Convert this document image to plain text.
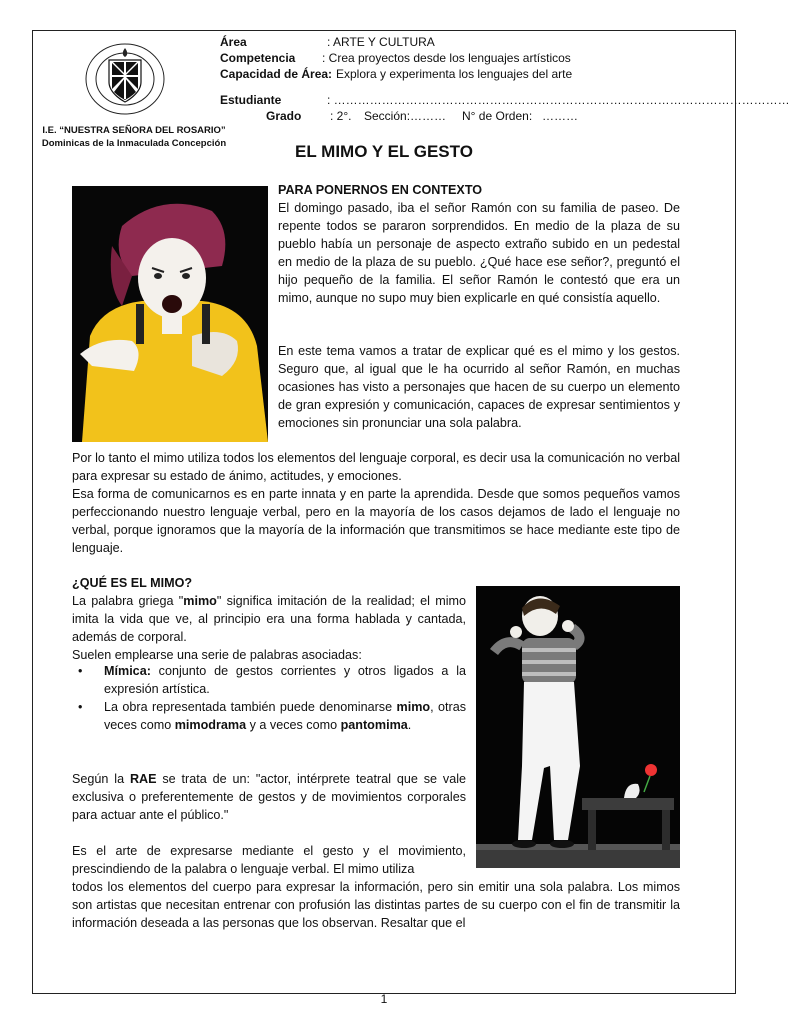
I.E. “NUESTRA SEÑORA DEL ROSARIO”
Dominicas de la Inmaculada Concepción
Área	: ARTE Y CULTURA
Competencia : Crea proyectos desde los lenguajes artísticos
Capacidad de Área: Explora y experimenta los lenguajes del arte
Estudiante	: ……………………………………………………………………………………………………
Grado : 2°. Sección: ……… N° de Orden: ………
EL MIMO Y EL GESTO
PARA PONERNOS EN CONTEXTO
El domingo pasado, iba el señor Ramón con su familia de paseo. De repente todos se pararon sorprendidos. En medio de la plaza de su pueblo había un personaje de aspecto extraño subido en un pedestal en medio de la plaza de su pueblo. ¿Qué hace ese señor?, preguntó el hijo pequeño de la familia. El señor Ramón le contestó que era un mimo, aunque no supo muy bien explicarle en qué consistía aquello.
En este tema vamos a tratar de explicar qué es el mimo y los gestos. Seguro que, al igual que le ha ocurrido al señor Ramón, en muchas ocasiones has visto a personajes que hacen de su cuerpo un elemento de gran expresión y comunicación, capaces de expresar sentimientos y emociones sin pronunciar una sola palabra.
Por lo tanto el mimo utiliza todos los elementos del lenguaje corporal, es decir usa la comunicación no verbal para expresar su estado de ánimo, actitudes, y emociones.
Esa forma de comunicarnos es en parte innata y en parte la aprendida. Desde que somos pequeños vamos perfeccionando nuestro lenguaje verbal, pero en la mayoría de los casos dejamos de lado el lenguaje no verbal, porque ignoramos que la mayoría de la información que transmitimos se hace mediante este tipo de lenguaje.
¿QUÉ ES EL MIMO?
La palabra griega "mimo" significa imitación de la realidad; el mimo imita la vida que ve, al principio era una forma hablada y cantada, además de corporal.
Suelen emplearse una serie de palabras asociadas:
• Mímica: conjunto de gestos corrientes y otros ligados a la expresión artística.
• La obra representada también puede denominarse mimo, otras veces como mimodrama y a veces como pantomima.
Según la RAE se trata de un: "actor, intérprete teatral que se vale exclusiva o preferentemente de gestos y de movimientos corporales para actuar ante el público."
Es el arte de expresarse mediante el gesto y el movimiento, prescindiendo de la palabra o lenguaje verbal. El mimo utiliza
todos los elementos del cuerpo para expresar la información, pero sin emitir una sola palabra. Los mimos son artistas que necesitan entrenar con profusión las distintas partes de su cuerpo con el fin de transmitir la información deseada a las personas que los observan. Resaltar que el
1
